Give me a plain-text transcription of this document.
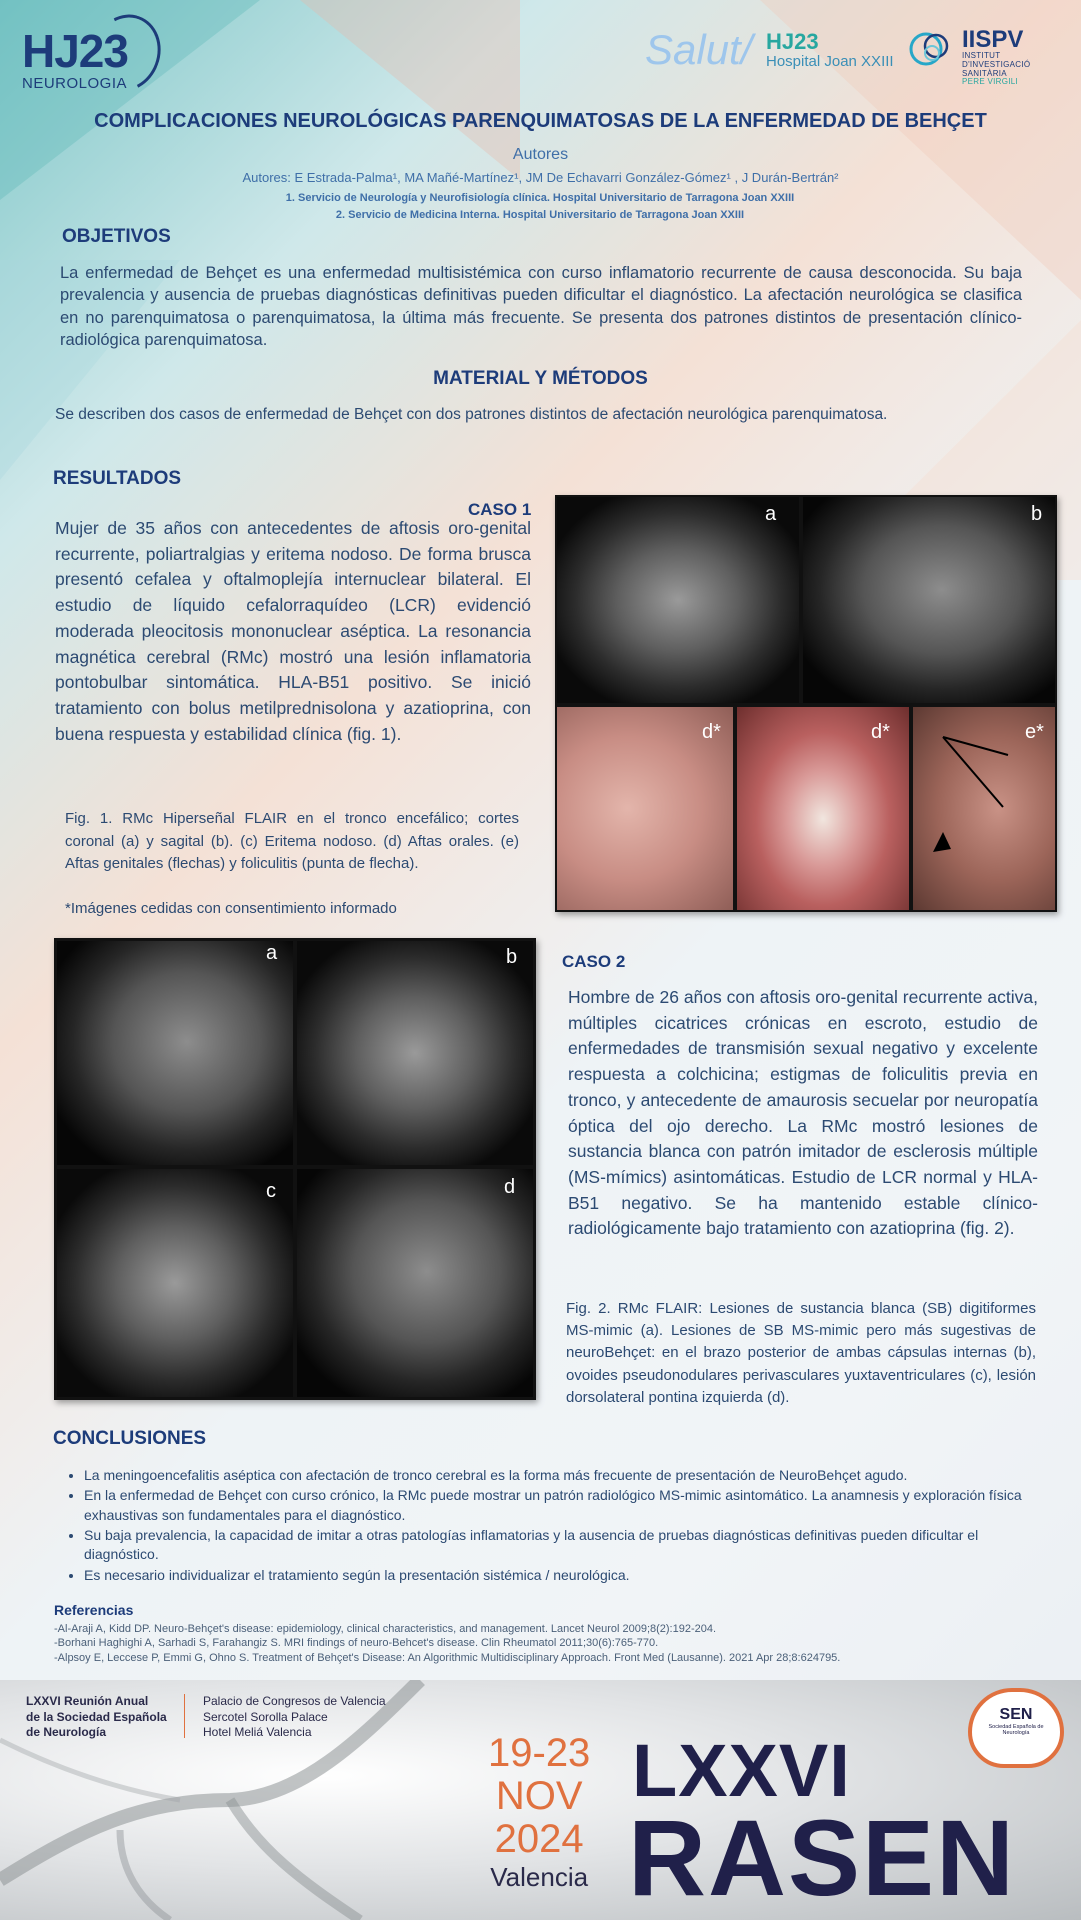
HJ23
NEUROLOGIA
Salut/ HJ23
Hospital Joan XXIII
IISPV
INSTITUT
D'INVESTIGACIÓ
SANITÀRIA
PERE VIRGILI
COMPLICACIONES NEUROLÓGICAS PARENQUIMATOSAS DE LA ENFERMEDAD DE BEHÇET
Autores
Autores: E Estrada-Palma¹, MA Mañé-Martínez¹, JM De Echavarri González-Gómez¹ , J Durán-Bertrán²
1. Servicio de Neurología y Neurofisiología clínica. Hospital Universitario de Tarragona Joan XXIII
2. Servicio de Medicina Interna. Hospital Universitario de Tarragona Joan XXIII
OBJETIVOS
La enfermedad de Behçet es una enfermedad multisistémica con curso inflamatorio recurrente de causa desconocida. Su baja prevalencia y ausencia de pruebas diagnósticas definitivas pueden dificultar el diagnóstico. La afectación neurológica se clasifica en no parenquimatosa o parenquimatosa, la última más frecuente. Se presenta dos patrones distintos de presentación clínico-radiológica parenquimatosa.
MATERIAL Y MÉTODOS
Se describen dos casos de enfermedad de Behçet con dos patrones distintos de afectación neurológica parenquimatosa.
RESULTADOS
CASO 1
Mujer de 35 años con antecedentes de aftosis oro-genital recurrente, poliartralgias y eritema nodoso. De forma brusca presentó cefalea y oftalmoplejía internuclear bilateral. El estudio de líquido cefalorraquídeo (LCR) evidenció moderada pleocitosis mononuclear aséptica. La resonancia magnética cerebral (RMc) mostró una lesión inflamatoria pontobulbar sintomática. HLA-B51 positivo. Se inició tratamiento con bolus metilprednisolona y azatioprina, con buena respuesta y estabilidad clínica (fig. 1).
Fig. 1. RMc Hiperseñal FLAIR en el tronco encefálico; cortes coronal (a) y sagital (b). (c) Eritema nodoso. (d) Aftas orales. (e) Aftas genitales (flechas) y foliculitis (punta de flecha).
*Imágenes cedidas con consentimiento informado
a	b
d*	d*	e*
a	b
c	d
CASO 2
Hombre de 26 años con aftosis oro-genital recurrente activa, múltiples cicatrices crónicas en escroto, estudio de enfermedades de transmisión sexual negativo y excelente respuesta a colchicina; estigmas de foliculitis previa en tronco, y antecedente de amaurosis secuelar por neuropatía óptica del ojo derecho. La RMc mostró lesiones de sustancia blanca con patrón imitador de esclerosis múltiple (MS-mímics) asintomáticas. Estudio de LCR normal y HLA-B51 negativo. Se ha mantenido estable clínico-radiológicamente bajo tratamiento con azatioprina (fig. 2).
Fig. 2. RMc FLAIR: Lesiones de sustancia blanca (SB) digitiformes MS-mimic (a). Lesiones de SB MS-mimic pero más sugestivas de neuroBehçet: en el brazo posterior de ambas cápsulas internas (b), ovoides pseudonodulares perivasculares yuxtaventriculares (c), lesión dorsolateral pontina izquierda (d).
CONCLUSIONES
• La meningoencefalitis aséptica con afectación de tronco cerebral es la forma más frecuente de presentación de NeuroBehçet agudo.
• En la enfermedad de Behçet con curso crónico, la RMc puede mostrar un patrón radiológico MS-mimic asintomático. La anamnesis y exploración física exhaustivas son fundamentales para el diagnóstico.
• Su baja prevalencia, la capacidad de imitar a otras patologías inflamatorias y la ausencia de pruebas diagnósticas definitivas pueden dificultar el diagnóstico.
• Es necesario individualizar el tratamiento según la presentación sistémica / neurológica.
Referencias
-Al-Araji A, Kidd DP. Neuro-Behçet's disease: epidemiology, clinical characteristics, and management. Lancet Neurol 2009;8(2):192-204.
-Borhani Haghighi A, Sarhadi S, Farahangiz S. MRI findings of neuro-Behcet's disease. Clin Rheumatol 2011;30(6):765-770.
-Alpsoy E, Leccese P, Emmi G, Ohno S. Treatment of Behçet's Disease: An Algorithmic Multidisciplinary Approach. Front Med (Lausanne). 2021 Apr 28;8:624795.
LXXVI Reunión Anual
de la Sociedad Española
de Neurología
Palacio de Congresos de Valencia
Sercotel Sorolla Palace
Hotel Meliá Valencia	19-23
NOV
2024
Valencia
LXXVI
RASEN
SEN
Sociedad Española de Neurología
